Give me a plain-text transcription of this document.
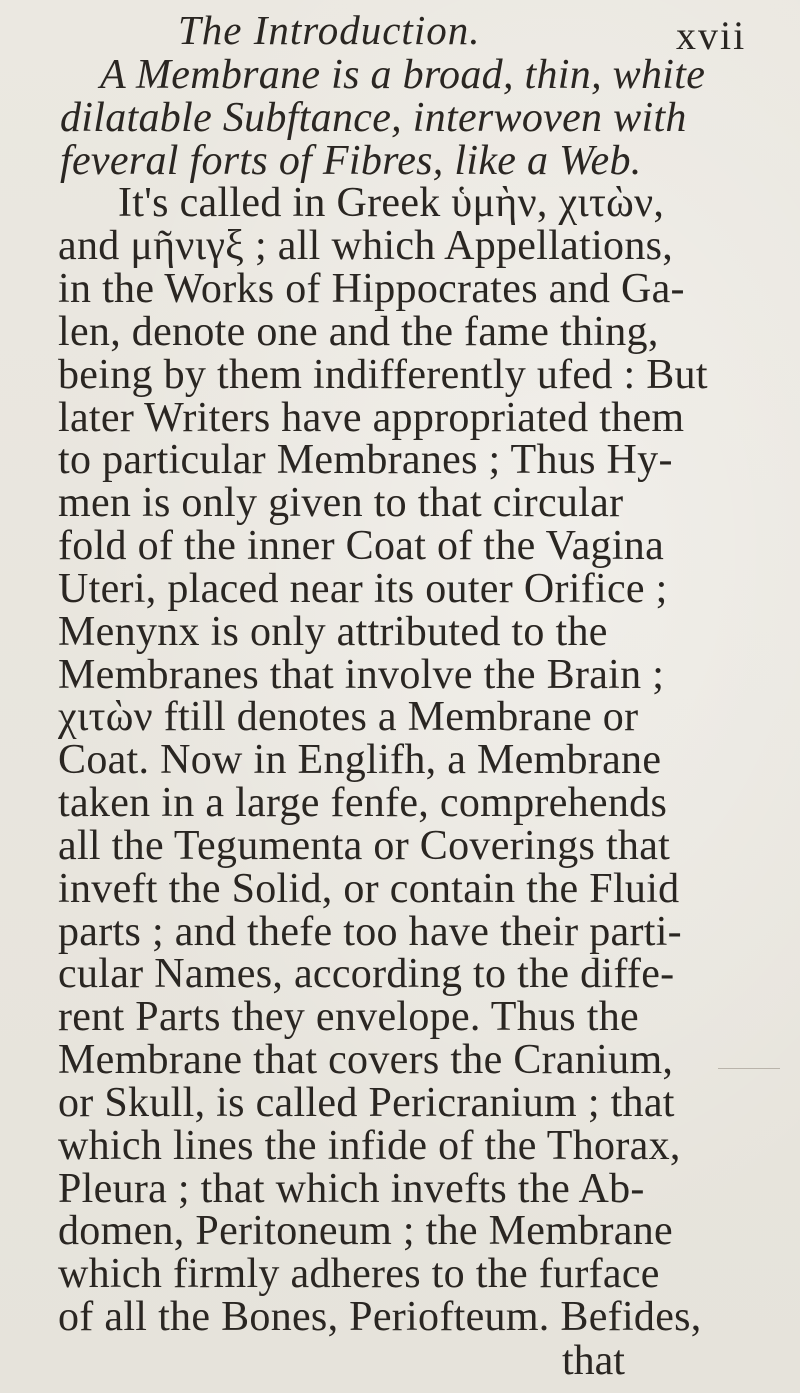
The Introduction.	xvii
A Membrane is a broad, thin, white
dilatable Subftance, interwoven with
feveral forts of Fibres, like a Web.
It's called in Greek ὑμὴν, χιτὼν,
and μῆνιγξ ; all which Appellations,
in the Works of Hippocrates and Ga-
len, denote one and the fame thing,
being by them indifferently ufed : But
later Writers have appropriated them
to particular Membranes ; Thus Hy-
men is only given to that circular
fold of the inner Coat of the Vagina
Uteri, placed near its outer Orifice ;
Menynx is only attributed to the
Membranes that involve the Brain ;
χιτὼν ftill denotes a Membrane or
Coat. Now in Englifh, a Membrane
taken in a large fenfe, comprehends
all the Tegumenta or Coverings that
inveft the Solid, or contain the Fluid
parts ; and thefe too have their parti-
cular Names, according to the diffe-
rent Parts they envelope. Thus the
Membrane that covers the Cranium,
or Skull, is called Pericranium ; that
which lines the infide of the Thorax,
Pleura ; that which invefts the Ab-
domen, Peritoneum ; the Membrane
which firmly adheres to the furface
of all the Bones, Periofteum. Befides,
that
